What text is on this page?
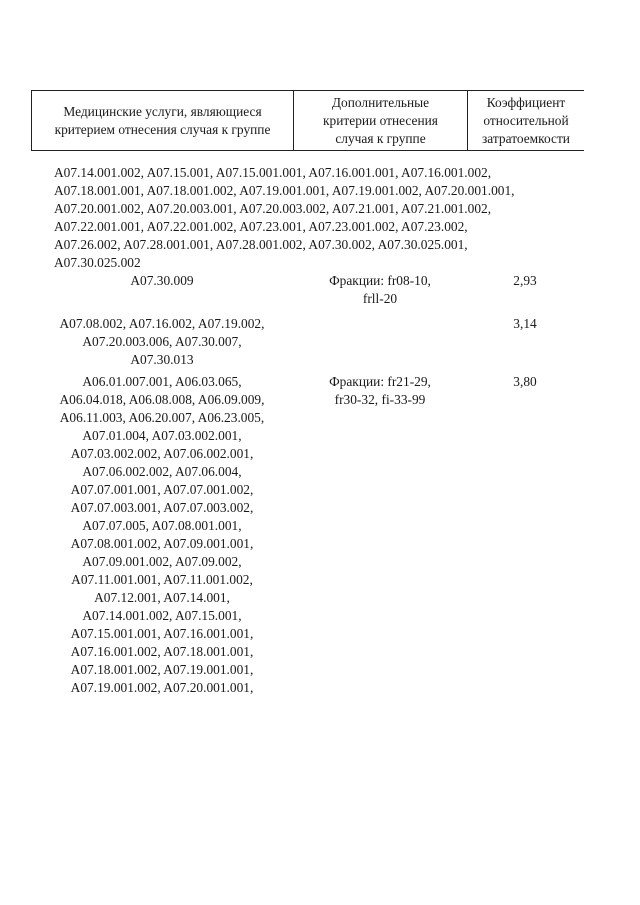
Медицинские услуги, являющиеся
критерием отнесения случая к группе
Дополнительные
критерии отнесения
случая к группе
Коэффициент
относительной
затратоемкости
A07.14.001.002, A07.15.001, A07.15.001.001, A07.16.001.001, A07.16.001.002,
A07.18.001.001, A07.18.001.002, A07.19.001.001, A07.19.001.002, A07.20.001.001,
A07.20.001.002, A07.20.003.001, A07.20.003.002, A07.21.001, A07.21.001.002,
A07.22.001.001, A07.22.001.002, A07.23.001, A07.23.001.002, A07.23.002,
A07.26.002, A07.28.001.001, A07.28.001.002, A07.30.002, A07.30.025.001,
A07.30.025.002
A07.30.009	Фракции: fr08-10,
frll-20
2,93
A07.08.002, A07.16.002, A07.19.002,
A07.20.003.006, A07.30.007,
A07.30.013
3,14
A06.01.007.001, A06.03.065,
A06.04.018, A06.08.008, A06.09.009,
A06.11.003, A06.20.007, A06.23.005,
A07.01.004, A07.03.002.001,
A07.03.002.002, A07.06.002.001,
A07.06.002.002, A07.06.004,
A07.07.001.001, A07.07.001.002,
A07.07.003.001, A07.07.003.002,
A07.07.005, A07.08.001.001,
A07.08.001.002, A07.09.001.001,
A07.09.001.002, A07.09.002,
A07.11.001.001, A07.11.001.002,
A07.12.001, A07.14.001,
A07.14.001.002, A07.15.001,
A07.15.001.001, A07.16.001.001,
A07.16.001.002, A07.18.001.001,
A07.18.001.002, A07.19.001.001,
A07.19.001.002, A07.20.001.001,
Фракции: fr21-29,
fr30-32, fi-33-99
3,80
